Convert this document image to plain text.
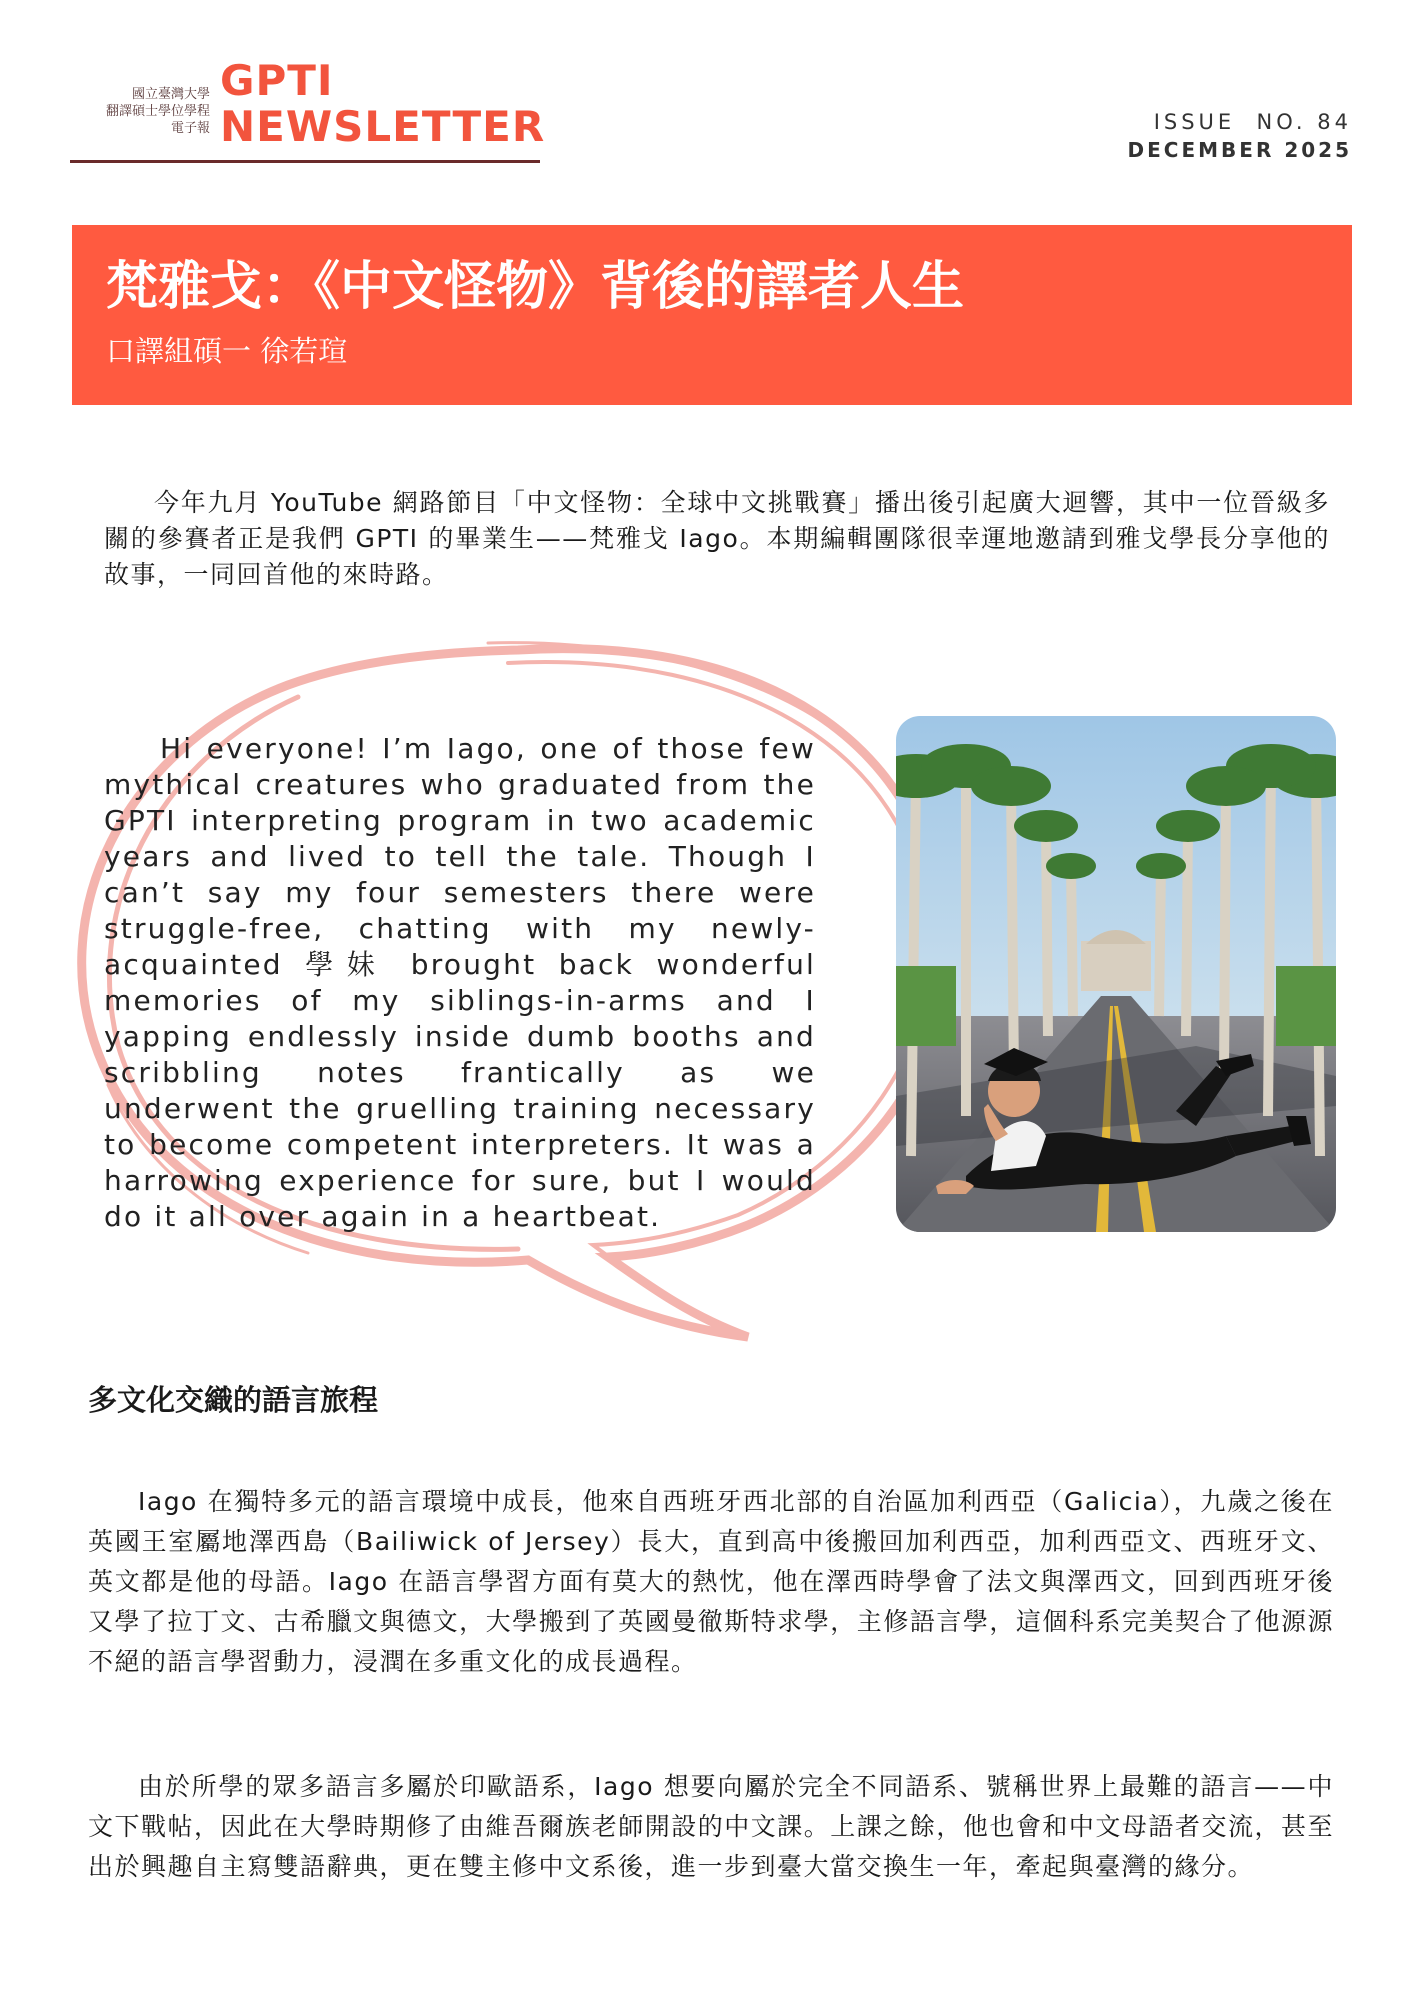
國立臺灣大學
翻譯碩士學位學程
電子報
GPTI
NEWSLETTER	ISSUE  NO. 84
DECEMBER 2025
梵雅戈：《中文怪物》背後的譯者人生
口譯組碩一 徐若瑄
今年九月 YouTube 網路節目「中文怪物：全球中文挑戰賽」播出後引起廣大迴響，其中一位晉級多關的參賽者正是我們 GPTI 的畢業生——梵雅戈 Iago。本期編輯團隊很幸運地邀請到雅戈學長分享他的故事，一同回首他的來時路。
Hi everyone! I’m Iago, one of those few mythical creatures who graduated from the GPTI interpreting program in two academic years and lived to tell the tale. Though I can’t say my four semesters there were struggle-free, chatting with my newly-acquainted 學妹 brought back wonderful memories of my siblings-in-arms and I yapping endlessly inside dumb booths and scribbling notes frantically as we underwent the gruelling training necessary to become competent interpreters. It was a harrowing experience for sure, but I would do it all over again in a heartbeat.
多文化交織的語言旅程
Iago 在獨特多元的語言環境中成長，他來自西班牙西北部的自治區加利西亞（Galicia），九歲之後在英國王室屬地澤西島（Bailiwick of Jersey）長大，直到高中後搬回加利西亞，加利西亞文、西班牙文、英文都是他的母語。Iago 在語言學習方面有莫大的熱忱，他在澤西時學會了法文與澤西文，回到西班牙後又學了拉丁文、古希臘文與德文，大學搬到了英國曼徹斯特求學，主修語言學，這個科系完美契合了他源源不絕的語言學習動力，浸潤在多重文化的成長過程。
由於所學的眾多語言多屬於印歐語系，Iago 想要向屬於完全不同語系、號稱世界上最難的語言——中文下戰帖，因此在大學時期修了由維吾爾族老師開設的中文課。上課之餘，他也會和中文母語者交流，甚至出於興趣自主寫雙語辭典，更在雙主修中文系後，進一步到臺大當交換生一年，牽起與臺灣的緣分。
